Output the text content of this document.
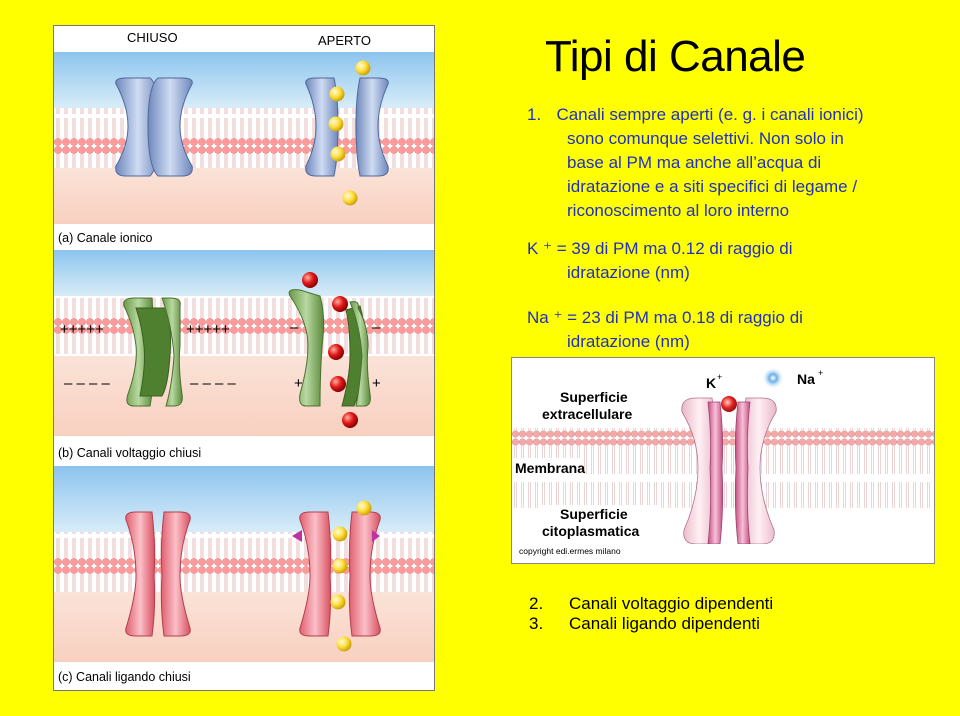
Tipi di Canale
1. Canali sempre aperti (e. g. i canali ionici)
sono comunque selettivi. Non solo in
base al PM ma anche all’acqua di
idratazione e a siti specifici di legame /
riconoscimento al loro interno
K ⁺ = 39 di PM ma 0.12 di raggio di
idratazione (nm)
Na ⁺ = 23 di PM ma 0.18 di raggio di
idratazione (nm)
2. Canali voltaggio dipendenti
3. Canali ligando dipendenti
CHIUSO	APERTO
(a) Canale ionico
+++++	+++++	–	–
– – – –	– – – –	+	+
(b) Canali voltaggio chiusi
(c) Canali ligando chiusi
K +	Na +
Superficie
extracellulare
Membrana
Superficie
citoplasmatica
copyright edi.ermes milano
